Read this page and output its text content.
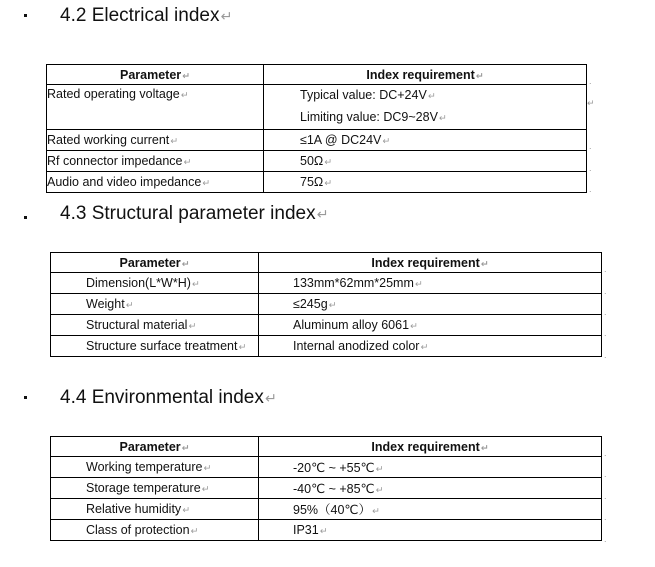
4.2 Electrical index↵
Parameter↵	Index requirement↵
Rated operating voltage↵	Typical value: DC+24V↵
Limiting value: DC9~28V↵

Rated working current↵	≤1A @ DC24V↵
Rf connector impedance↵	50Ω↵
Audio and video impedance↵	75Ω↵
.
↵
.
.
.
4.3 Structural parameter index↵
Parameter↵	Index requirement↵
Dimension(L*W*H)↵	133mm*62mm*25mm↵
Weight↵	≤245g↵
Structural material↵	Aluminum alloy 6061↵
Structure surface treatment↵	Internal anodized color↵
.
.
.
.
.
4.4 Environmental index↵
Parameter↵	Index requirement↵
Working temperature↵	-20℃ ~ +55℃↵
Storage temperature↵	-40℃ ~ +85℃↵
Relative humidity↵	95%（40℃）↵
Class of protection↵	IP31↵
.
.
.
.
.
